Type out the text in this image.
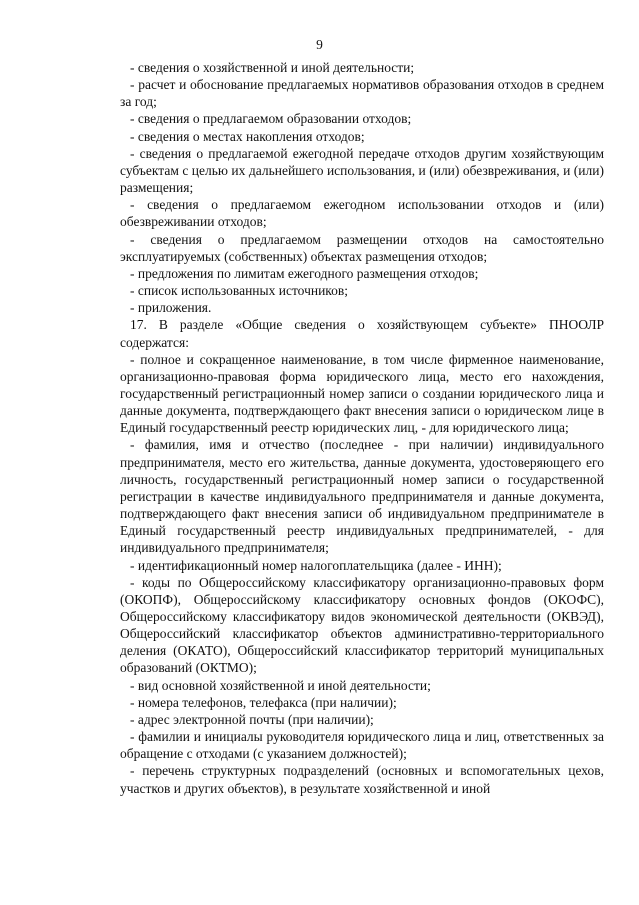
9

- сведения о хозяйственной и иной деятельности;

- расчет и обоснование предлагаемых нормативов образования отходов в среднем за год;

- сведения о предлагаемом образовании отходов;

- сведения о местах накопления отходов;

- сведения о предлагаемой ежегодной передаче отходов другим хозяйствующим субъектам с целью их дальнейшего использования, и (или) обезвреживания, и (или) размещения;

- сведения о предлагаемом ежегодном использовании отходов и (или) обезвреживании отходов;

- сведения о предлагаемом размещении отходов на самостоятельно эксплуатируемых (собственных) объектах размещения отходов;

- предложения по лимитам ежегодного размещения отходов;

- список использованных источников;

- приложения.

17. В разделе «Общие сведения о хозяйствующем субъекте» ПНООЛР содержатся:

- полное и сокращенное наименование, в том числе фирменное наименование, организационно-правовая форма юридического лица, место его нахождения, государственный регистрационный номер записи о создании юридического лица и данные документа, подтверждающего факт внесения записи о юридическом лице в Единый государственный реестр юридических лиц, - для юридического лица;

- фамилия, имя и отчество (последнее - при наличии) индивидуального предпринимателя, место его жительства, данные документа, удостоверяющего его личность, государственный регистрационный номер записи о государственной регистрации в качестве индивидуального предпринимателя и данные документа, подтверждающего факт внесения записи об индивидуальном предпринимателе в Единый государственный реестр индивидуальных предпринимателей, - для индивидуального предпринимателя;

- идентификационный номер налогоплательщика (далее - ИНН);

- коды по Общероссийскому классификатору организационно-правовых форм (ОКОПФ), Общероссийскому классификатору основных фондов (ОКОФС), Общероссийскому классификатору видов экономической деятельности (ОКВЭД), Общероссийский классификатор объектов административно-территориального деления (ОКАТО), Общероссийский классификатор территорий муниципальных образований (ОКТМО);

- вид основной хозяйственной и иной деятельности;

- номера телефонов, телефакса (при наличии);

- адрес электронной почты (при наличии);

- фамилии и инициалы руководителя юридического лица и лиц, ответственных за обращение с отходами (с указанием должностей);

- перечень структурных подразделений (основных и вспомогательных цехов, участков и других объектов), в результате хозяйственной и иной
